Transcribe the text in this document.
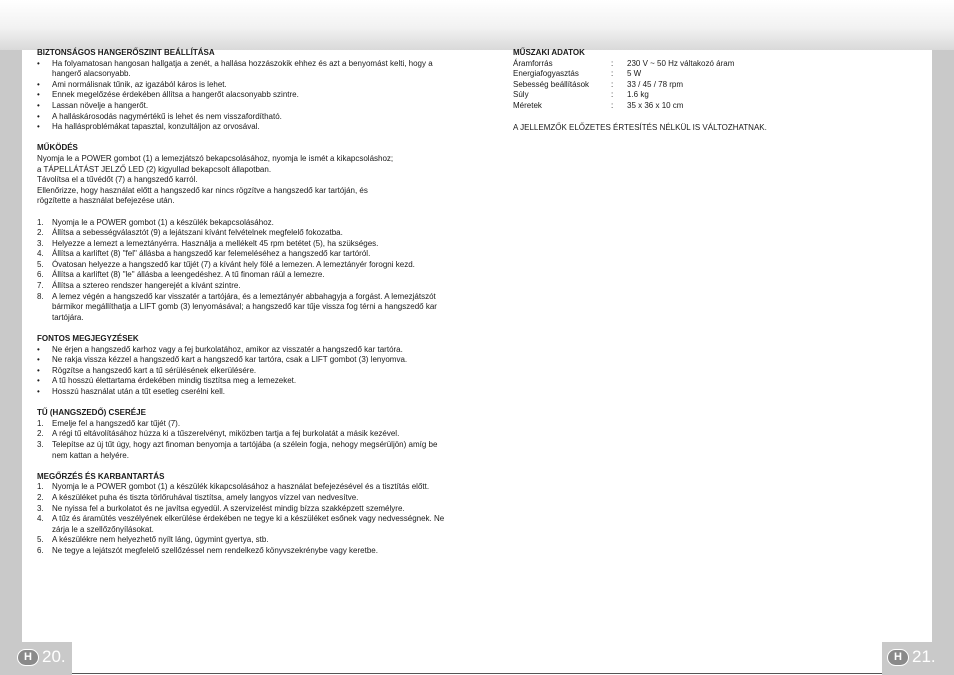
H 20.	H 21.

BIZTONSÁGOS HANGERŐSZINT BEÁLLÍTÁSA

•	Ha folyamatosan hangosan hallgatja a zenét, a hallása hozzászokik ehhez és azt a benyomást kelti, hogy a hangerő alacsonyabb.
•	Ami normálisnak tűnik, az igazából káros is lehet.
•	Ennek megelőzése érdekében állítsa a hangerőt alacsonyabb szintre.
•	Lassan növelje a hangerőt.
•	A halláskárosodás nagymértékű is lehet és nem visszafordítható.
•	Ha hallásproblémákat tapasztal, konzultáljon az orvosával.

MŰKÖDÉS

Nyomja le a POWER gombot (1) a lemezjátszó bekapcsolásához, nyomja le ismét a kikapcsoláshoz;

a TÁPELLÁTÁST JELZŐ LED (2) kigyullad bekapcsolt állapotban.

Távolítsa el a tűvédőt (7) a hangszedő karról.

Ellenőrizze, hogy használat előtt a hangszedő kar nincs rögzítve a hangszedő kar tartóján, és

rögzítette a használat befejezése után.

1.	Nyomja le a POWER gombot (1) a készülék bekapcsolásához.
2.	Állítsa a sebességválasztót (9) a lejátszani kívánt felvételnek megfelelő fokozatba.
3.	Helyezze a lemezt a lemeztányérra. Használja a mellékelt 45 rpm betétet (5), ha szükséges.
4.	Állítsa a karliftet (8) "fel" állásba a hangszedő kar felemeléséhez a hangszedő kar tartóról.
5.	Óvatosan helyezze a hangszedő kar tűjét (7) a kívánt hely fölé a lemezen. A lemeztányér forogni kezd.
6.	Állítsa a karliftet (8) "le" állásba a leengedéshez. A tű finoman ráül a lemezre.
7.	Állítsa a sztereo rendszer hangerejét a kívánt szintre.
8.	A lemez végén a hangszedő kar visszatér a tartójára, és a lemeztányér abbahagyja a forgást. A lemezjátszót bármikor megállíthatja a LIFT gomb (3) lenyomásával; a hangszedő kar tűje vissza fog térni a hangszedő kar tartójára.

FONTOS MEGJEGYZÉSEK

•	Ne érjen a hangszedő karhoz vagy a fej burkolatához, amikor az visszatér a hangszedő kar tartóra.
•	Ne rakja vissza kézzel a hangszedő kart a hangszedő kar tartóra, csak a LIFT gombot (3) lenyomva.
•	Rögzítse a hangszedő kart a tű sérülésének elkerülésére.
•	A tű hosszú élettartama érdekében mindig tisztítsa meg a lemezeket.
•	Hosszú használat után a tűt esetleg cserélni kell.

TŰ (HANGSZEDŐ) CSERÉJE

1.	Emelje fel a hangszedő kar tűjét (7).
2.	A régi tű eltávolításához húzza ki a tűszerelvényt, miközben tartja a fej burkolatát a másik kezével.
3.	Telepítse az új tűt úgy, hogy azt finoman benyomja a tartójába (a szélein fogja, nehogy megsérüljön) amíg be nem kattan a helyére.

MEGŐRZÉS ÉS KARBANTARTÁS

1.	Nyomja le a POWER gombot (1) a készülék kikapcsolásához a használat befejezésével és a tisztítás előtt.
2.	A készüléket puha és tiszta törlőruhával tisztítsa, amely langyos vízzel van nedvesítve.
3.	Ne nyissa fel a burkolatot és ne javítsa egyedül. A szervizelést mindig bízza szakképzett személyre.
4.	A tűz és áramütés veszélyének elkerülése érdekében ne tegye ki a készüléket esőnek vagy nedvességnek. Ne zárja le a szellőzőnyílásokat.
5.	A készülékre nem helyezhető nyílt láng, úgymint gyertya, stb.
6.	Ne tegye a lejátszót megfelelő szellőzéssel nem rendelkező könyvszekrénybe vagy keretbe.

MŰSZAKI ADATOK

Áramforrás	:	230 V ~ 50 Hz váltakozó áram
Energiafogyasztás	:	5 W
Sebesség beállítások	:	33 / 45 / 78 rpm
Súly	:	1.6 kg
Méretek	:	35 x 36 x 10 cm

A JELLEMZŐK ELŐZETES ÉRTESÍTÉS NÉLKÜL IS VÁLTOZHATNAK.
